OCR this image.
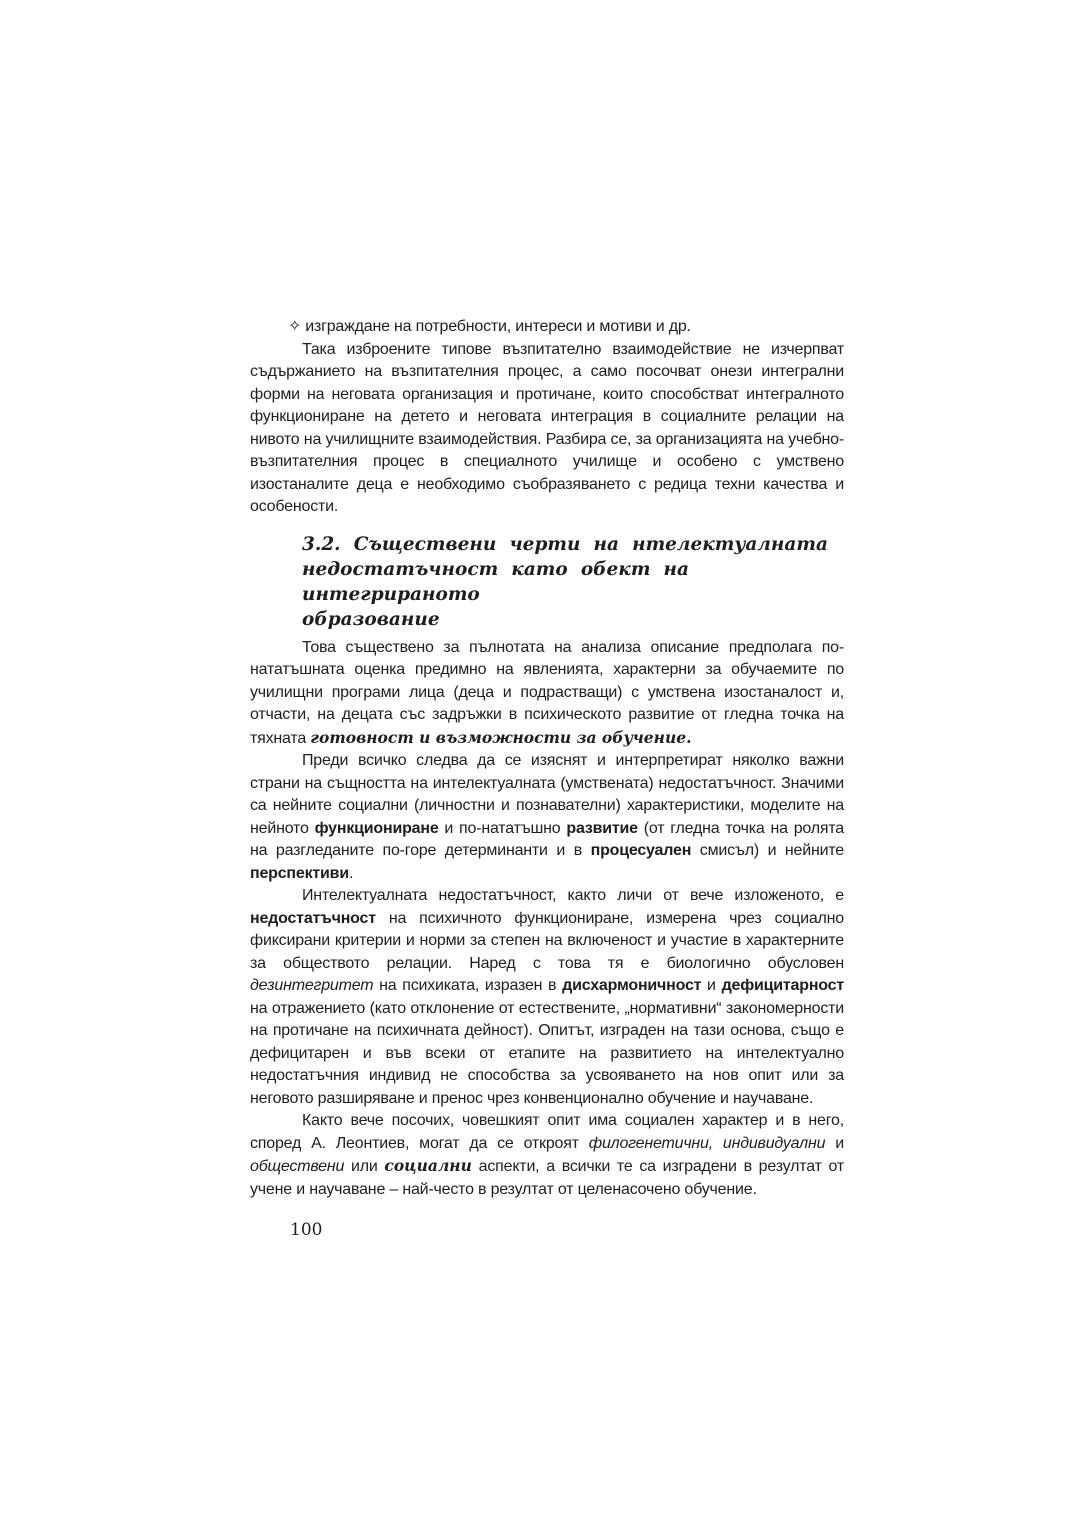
✧ изграждане на потребности, интереси и мотиви и др.

Така изброените типове възпитателно взаимодействие не изчерпват съдържанието на възпитателния процес, а само посочват онези интегрални форми на неговата организация и протичане, които способстват интегралното функциониране на детето и неговата интеграция в социалните релации на нивото на училищните взаимодействия. Разбира се, за организацията на учебно-възпитателния процес в специалното училище и особено с умствено изостаналите деца е необходимо съобразяването с редица техни качества и особености.

3.2. Съществени черти на нтелектуалната
недостатъчност като обект на интегрираното
образование

Това съществено за пълнотата на анализа описание предполага по-нататъшната оценка предимно на явленията, характерни за обучаемите по училищни програми лица (деца и подрастващи) с умствена изостаналост и, отчасти, на децата със задръжки в психическото развитие от гледна точка на тяхната готовност и възможности за обучение.

Преди всичко следва да се изяснят и интерпретират няколко важни страни на същността на интелектуалната (умствената) недостатъчност. Значими са нейните социални (личностни и познавателни) характеристики, моделите на нейното функциониране и по-нататъшно развитие (от гледна точка на ролята на разгледаните по-горе детерминанти и в процесуален смисъл) и нейните перспективи.

Интелектуалната недостатъчност, както личи от вече изложеното, е недостатъчност на психичното функциониране, измерена чрез социално фиксирани критерии и норми за степен на включеност и участие в характерните за обществото релации. Наред с това тя е биологично обусловен дезинтегритет на психиката, изразен в дисхармоничност и дефицитарност на отражението (като отклонение от естествените, „нормативни“ закономерности на протичане на психичната дейност). Опитът, изграден на тази основа, също е дефицитарен и във всеки от етапите на развитието на интелектуално недостатъчния индивид не способства за усвояването на нов опит или за неговото разширяване и пренос чрез конвенционално обучение и научаване.

Както вече посочих, човешкият опит има социален характер и в него, според А. Леонтиев, могат да се откроят филогенетични, индивидуални и обществени или социални аспекти, а всички те са изградени в резултат от учене и научаване – най-често в резултат от целенасочено обучение.

100
